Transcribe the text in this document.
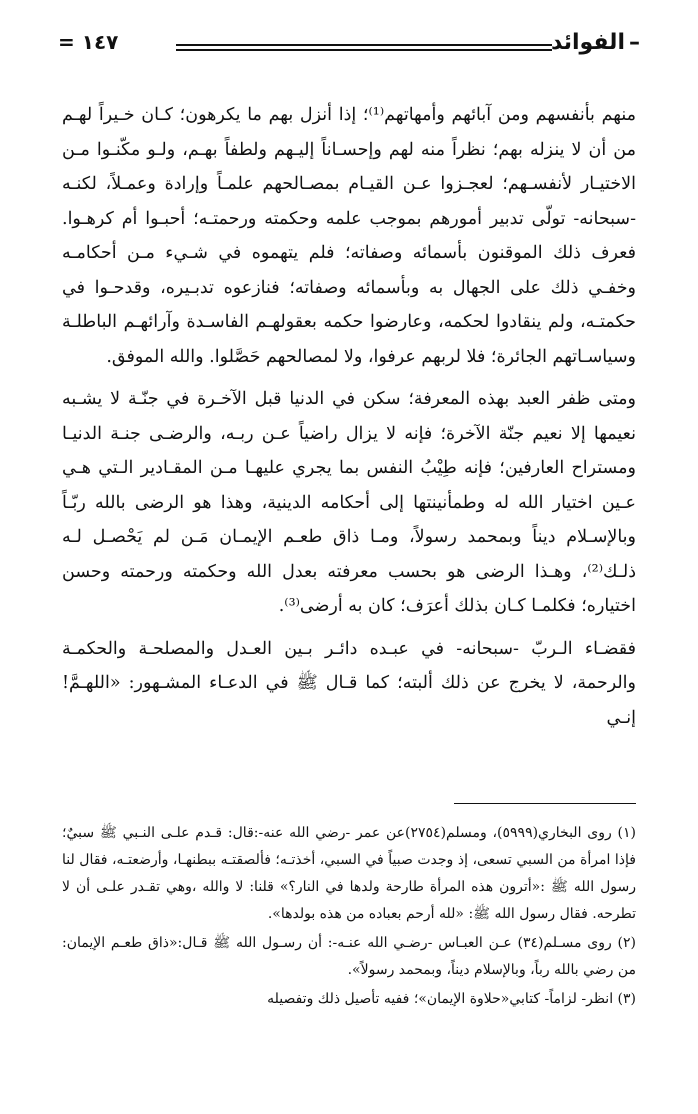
–الفوائد
= ١٤٧

منهم بأنفسهم ومن آبائهم وأمهاتهم⁽¹⁾؛ إذا أنزل بهم ما يكرهون؛ كـان خـيراً لهـم من أن لا ينزله بهم؛ نظراً منه لهم وإحسـاناً إليـهم ولطفاً بهـم، ولـو مكّنـوا مـن الاختيـار لأنفسـهم؛ لعجـزوا عـن القيـام بمصـالحهم علمـاً وإرادة وعمـلاً، لكنـه -سبحانه- تولّى تدبير أمورهم بموجب علمه وحكمته ورحمتـه؛ أحبـوا أم كرهـوا. فعرف ذلك الموقنون بأسمائه وصفاته؛ فلم يتهموه في شـيء مـن أحكامـه وخفـي ذلك على الجهال به وبأسمائه وصفاته؛ فنازعوه تدبـيره، وقدحـوا في حكمتـه، ولم ينقادوا لحكمه، وعارضوا حكمه بعقولهـم الفاسـدة وآرائهـم الباطلـة وسياسـاتهم الجائرة؛ فلا لربهم عرفوا، ولا لمصالحهم حَصَّلوا. والله الموفق.

ومتى ظفر العبد بهذه المعرفة؛ سكن في الدنيا قبل الآخـرة في جنّـة لا يشـبه نعيمها إلا نعيم جنّة الآخرة؛ فإنه لا يزال راضياً عـن ربـه، والرضـى جنـة الدنيـا ومستراح العارفين؛ فإنه طِيْبُ النفس بما يجري عليهـا مـن المقـادير الـتي هـي عـين اختيار الله له وطمأنينتها إلى أحكامه الدينية، وهذا هو الرضى بالله ربّـاً وبالإسـلام ديناً وبمحمد رسولاً، ومـا ذاق طعـم الإيمـان مَـن لم يَحْصـل لـه ذلـك⁽²⁾، وهـذا الرضى هو بحسب معرفته بعدل الله وحكمته ورحمته وحسن اختياره؛ فكلمـا كـان بذلك أعرَف؛ كان به أرضى⁽³⁾.

فقضـاء الـربّ -سبحانه- في عبـده دائـر بـين العـدل والمصلحـة والحكمـة والرحمة، لا يخرج عن ذلك ألبته؛ كما قـال ﷺ في الدعـاء المشـهور: «اللهـمَّ! إنـي

(١) روى البخاري(٥٩٩٩)، ومسلم(٢٧٥٤)عن عمر -رضي الله عنه-:قال: قـدم علـى النـبي ﷺ سبيٌ؛ فإذا امرأة من السبي تسعى، إذ وجدت صبياً في السبي، أخذتـه؛ فألصقتـه ببطنهـا، وأرضعتـه، فقال لنا رسول الله ﷺ :«أترون هذه المرأة طارحة ولدها في النار؟» قلنا: لا والله ،وهي تقـدر علـى أن لا تطرحه. فقال رسول الله ﷺ: «لله أرحم بعباده من هذه بولدها».

(٢) روى مسـلم(٣٤) عـن العبـاس -رضـي الله عنـه-: أن رسـول الله ﷺ قـال:«ذاق طعـم الإيمان: من رضي بالله رباً، وبالإسلام ديناً، وبمحمد رسولاً».

(٣) انظر- لزاماً- كتابي«حلاوة الإيمان»؛ ففيه تأصيل ذلك وتفصيله
